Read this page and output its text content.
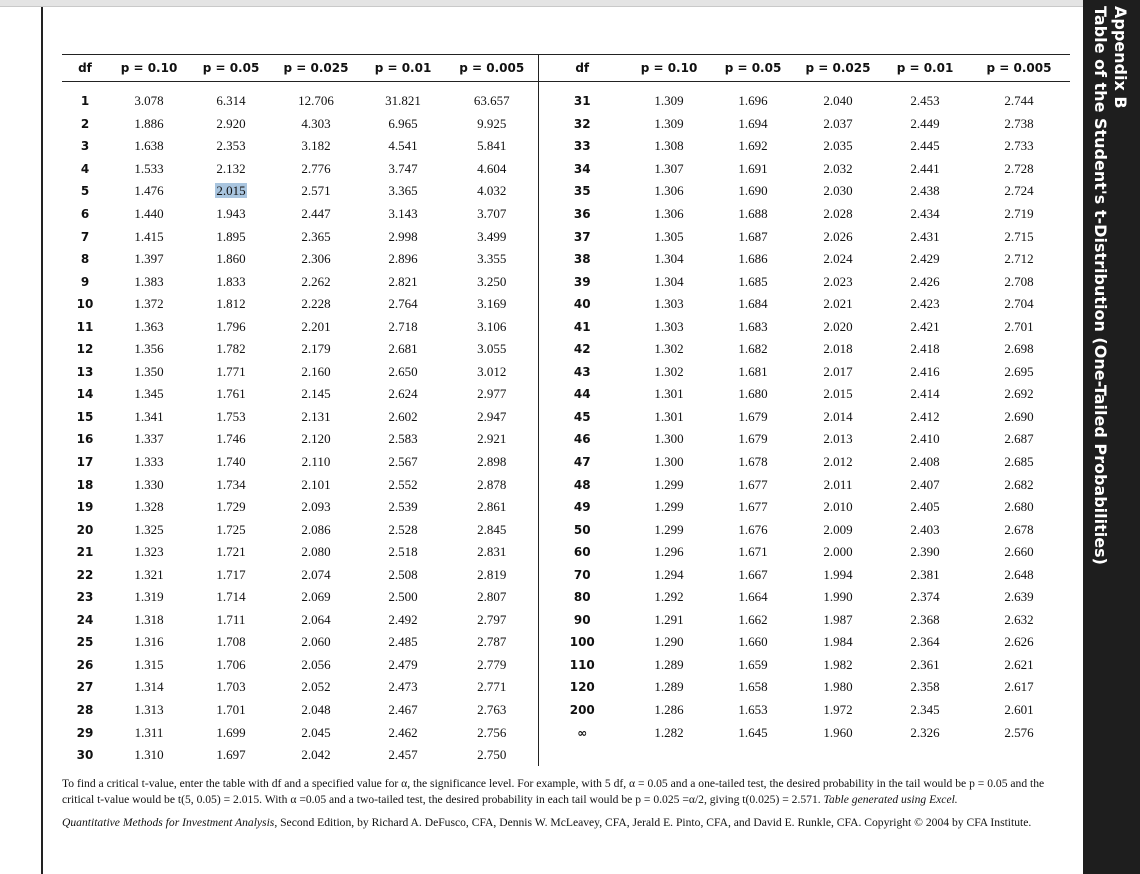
Appendix B
Table of the Student's t-Distribution (One-Tailed Probabilities)
df	p = 0.10	p = 0.05	p = 0.025	p = 0.01	p = 0.005	df	p = 0.10	p = 0.05	p = 0.025	p = 0.01	p = 0.005
1	3.078	6.314	12.706	31.821	63.657	31	1.309	1.696	2.040	2.453	2.744
2	1.886	2.920	4.303	6.965	9.925	32	1.309	1.694	2.037	2.449	2.738
3	1.638	2.353	3.182	4.541	5.841	33	1.308	1.692	2.035	2.445	2.733
4	1.533	2.132	2.776	3.747	4.604	34	1.307	1.691	2.032	2.441	2.728
5	1.476	2.015	2.571	3.365	4.032	35	1.306	1.690	2.030	2.438	2.724
6	1.440	1.943	2.447	3.143	3.707	36	1.306	1.688	2.028	2.434	2.719
7	1.415	1.895	2.365	2.998	3.499	37	1.305	1.687	2.026	2.431	2.715
8	1.397	1.860	2.306	2.896	3.355	38	1.304	1.686	2.024	2.429	2.712
9	1.383	1.833	2.262	2.821	3.250	39	1.304	1.685	2.023	2.426	2.708
10	1.372	1.812	2.228	2.764	3.169	40	1.303	1.684	2.021	2.423	2.704
11	1.363	1.796	2.201	2.718	3.106	41	1.303	1.683	2.020	2.421	2.701
12	1.356	1.782	2.179	2.681	3.055	42	1.302	1.682	2.018	2.418	2.698
13	1.350	1.771	2.160	2.650	3.012	43	1.302	1.681	2.017	2.416	2.695
14	1.345	1.761	2.145	2.624	2.977	44	1.301	1.680	2.015	2.414	2.692
15	1.341	1.753	2.131	2.602	2.947	45	1.301	1.679	2.014	2.412	2.690
16	1.337	1.746	2.120	2.583	2.921	46	1.300	1.679	2.013	2.410	2.687
17	1.333	1.740	2.110	2.567	2.898	47	1.300	1.678	2.012	2.408	2.685
18	1.330	1.734	2.101	2.552	2.878	48	1.299	1.677	2.011	2.407	2.682
19	1.328	1.729	2.093	2.539	2.861	49	1.299	1.677	2.010	2.405	2.680
20	1.325	1.725	2.086	2.528	2.845	50	1.299	1.676	2.009	2.403	2.678
21	1.323	1.721	2.080	2.518	2.831	60	1.296	1.671	2.000	2.390	2.660
22	1.321	1.717	2.074	2.508	2.819	70	1.294	1.667	1.994	2.381	2.648
23	1.319	1.714	2.069	2.500	2.807	80	1.292	1.664	1.990	2.374	2.639
24	1.318	1.711	2.064	2.492	2.797	90	1.291	1.662	1.987	2.368	2.632
25	1.316	1.708	2.060	2.485	2.787	100	1.290	1.660	1.984	2.364	2.626
26	1.315	1.706	2.056	2.479	2.779	110	1.289	1.659	1.982	2.361	2.621
27	1.314	1.703	2.052	2.473	2.771	120	1.289	1.658	1.980	2.358	2.617
28	1.313	1.701	2.048	2.467	2.763	200	1.286	1.653	1.972	2.345	2.601
29	1.311	1.699	2.045	2.462	2.756	∞	1.282	1.645	1.960	2.326	2.576
30	1.310	1.697	2.042	2.457	2.750						

To find a critical t-value, enter the table with df and a specified value for α, the significance level. For example, with 5 df, α = 0.05 and a one-tailed test, the desired probability in the tail would be p = 0.05 and the critical t-value would be t(5, 0.05) = 2.015. With α =0.05 and a two-tailed test, the desired probability in each tail would be p = 0.025 =α/2, giving t(0.025) = 2.571. Table generated using Excel.

Quantitative Methods for Investment Analysis, Second Edition, by Richard A. DeFusco, CFA, Dennis W. McLeavey, CFA, Jerald E. Pinto, CFA, and David E. Runkle, CFA. Copyright © 2004 by CFA Institute.
